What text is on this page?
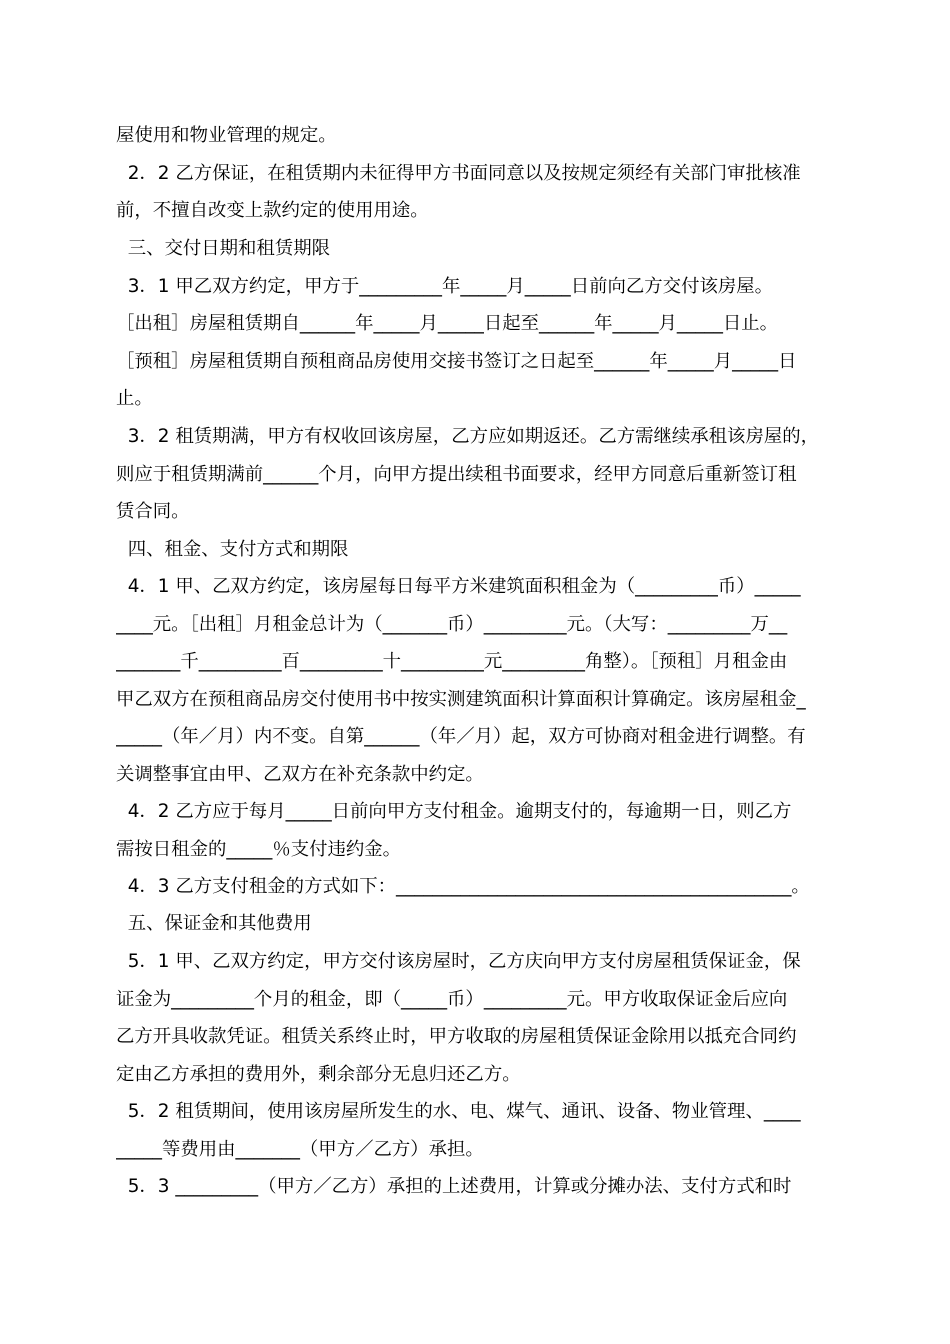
屋使用和物业管理的规定。
2．2 乙方保证，在租赁期内未征得甲方书面同意以及按规定须经有关部门审批核准
前，不擅自改变上款约定的使用用途。
三、交付日期和租赁期限
3．1 甲乙双方约定，甲方于_________年_____月_____日前向乙方交付该房屋。
［出租］房屋租赁期自______年_____月_____日起至______年_____月_____日止。
［预租］房屋租赁期自预租商品房使用交接书签订之日起至______年_____月_____日
止。
3．2 租赁期满，甲方有权收回该房屋，乙方应如期返还。乙方需继续承租该房屋的，
则应于租赁期满前______个月，向甲方提出续租书面要求，经甲方同意后重新签订租
赁合同。
四、租金、支付方式和期限
4．1 甲、乙双方约定，该房屋每日每平方米建筑面积租金为（_________币）_____
____元。［出租］月租金总计为（_______币）_________元。（大写：_________万__
_______千_________百_________十_________元_________角整）。［预租］月租金由
甲乙双方在预租商品房交付使用书中按实测建筑面积计算面积计算确定。该房屋租金_
_____（年／月）内不变。自第______（年／月）起，双方可协商对租金进行调整。有
关调整事宜由甲、乙双方在补充条款中约定。
4．2 乙方应于每月_____日前向甲方支付租金。逾期支付的，每逾期一日，则乙方
需按日租金的_____％支付违约金。
4．3 乙方支付租金的方式如下：___________________________________________。
五、保证金和其他费用
5．1 甲、乙双方约定，甲方交付该房屋时，乙方庆向甲方支付房屋租赁保证金，保
证金为_________个月的租金，即（_____币）_________元。甲方收取保证金后应向
乙方开具收款凭证。租赁关系终止时，甲方收取的房屋租赁保证金除用以抵充合同约
定由乙方承担的费用外，剩余部分无息归还乙方。
5．2 租赁期间，使用该房屋所发生的水、电、煤气、通讯、设备、物业管理、____
_____等费用由_______（甲方／乙方）承担。
5．3 _________（甲方／乙方）承担的上述费用，计算或分摊办法、支付方式和时
